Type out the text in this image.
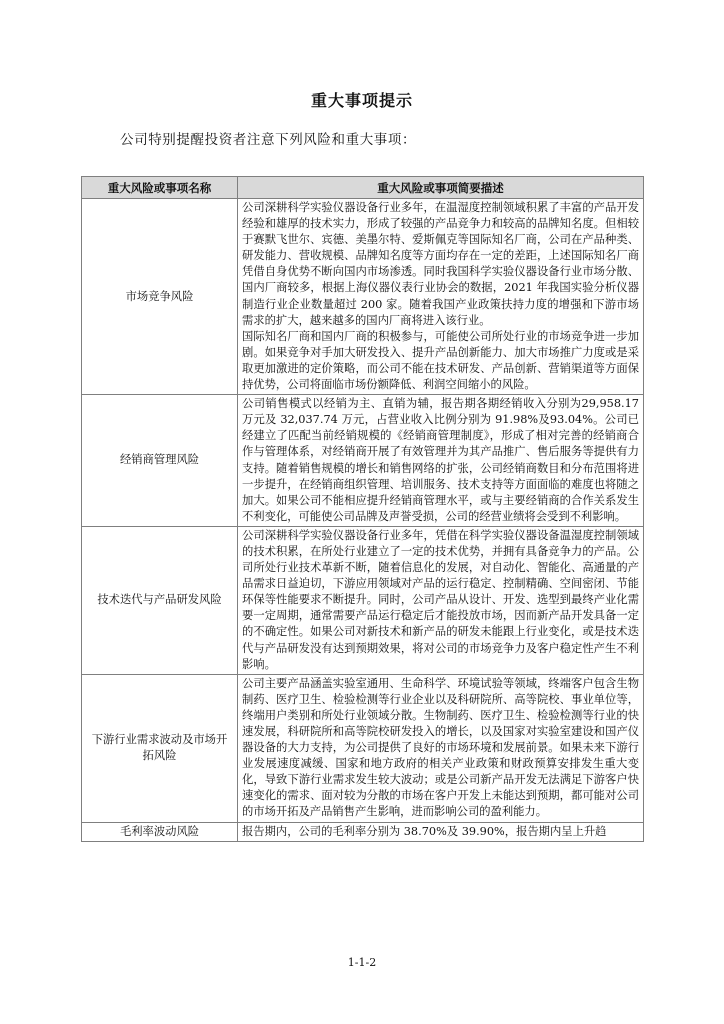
重大事项提示
公司特别提醒投资者注意下列风险和重大事项：
重大风险或事项名称	重大风险或事项简要描述
市场竞争风险	公司深耕科学实验仪器设备行业多年，在温湿度控制领域积累了丰富的产品开发经验和雄厚的技术实力，形成了较强的产品竞争力和较高的品牌知名度。但相较于赛默飞世尔、宾德、美墨尔特、爱斯佩克等国际知名厂商，公司在产品种类、研发能力、营收规模、品牌知名度等方面均存在一定的差距，上述国际知名厂商凭借自身优势不断向国内市场渗透。同时我国科学实验仪器设备行业市场分散、国内厂商较多，根据上海仪器仪表行业协会的数据，2021 年我国实验分析仪器制造行业企业数量超过 200 家。随着我国产业政策扶持力度的增强和下游市场需求的扩大，越来越多的国内厂商将进入该行业。

国际知名厂商和国内厂商的积极参与，可能使公司所处行业的市场竞争进一步加剧。如果竞争对手加大研发投入、提升产品创新能力、加大市场推广力度或是采取更加激进的定价策略，而公司不能在技术研发、产品创新、营销渠道等方面保持优势，公司将面临市场份额降低、利润空间缩小的风险。

经销商管理风险	公司销售模式以经销为主、直销为辅，报告期各期经销收入分别为29,958.17 万元及 32,037.74 万元，占营业收入比例分别为 91.98%及93.04%。公司已经建立了匹配当前经销规模的《经销商管理制度》，形成了相对完善的经销商合作与管理体系，对经销商开展了有效管理并为其产品推广、售后服务等提供有力支持。随着销售规模的增长和销售网络的扩张，公司经销商数目和分布范围将进一步提升，在经销商组织管理、培训服务、技术支持等方面面临的难度也将随之加大。如果公司不能相应提升经销商管理水平，或与主要经销商的合作关系发生不利变化，可能使公司品牌及声誉受损，公司的经营业绩将会受到不利影响。

技术迭代与产品研发风险	公司深耕科学实验仪器设备行业多年，凭借在科学实验仪器设备温湿度控制领域的技术积累，在所处行业建立了一定的技术优势，并拥有具备竞争力的产品。公司所处行业技术革新不断，随着信息化的发展，对自动化、智能化、高通量的产品需求日益迫切，下游应用领域对产品的运行稳定、控制精确、空间密闭、节能环保等性能要求不断提升。同时，公司产品从设计、开发、选型到最终产业化需要一定周期，通常需要产品运行稳定后才能投放市场，因而新产品开发具备一定的不确定性。如果公司对新技术和新产品的研发未能跟上行业变化，或是技术迭代与产品研发没有达到预期效果，将对公司的市场竞争力及客户稳定性产生不利影响。

下游行业需求波动及市场开拓风险	公司主要产品涵盖实验室通用、生命科学、环境试验等领域，终端客户包含生物制药、医疗卫生、检验检测等行业企业以及科研院所、高等院校、事业单位等，终端用户类别和所处行业领域分散。生物制药、医疗卫生、检验检测等行业的快速发展，科研院所和高等院校研发投入的增长，以及国家对实验室建设和国产仪器设备的大力支持，为公司提供了良好的市场环境和发展前景。如果未来下游行业发展速度减缓、国家和地方政府的相关产业政策和财政预算安排发生重大变化，导致下游行业需求发生较大波动；或是公司新产品开发无法满足下游客户快速变化的需求、面对较为分散的市场在客户开发上未能达到预期，都可能对公司的市场开拓及产品销售产生影响，进而影响公司的盈利能力。

毛利率波动风险	报告期内，公司的毛利率分别为 38.70%及 39.90%，报告期内呈上升趋

1-1-2
